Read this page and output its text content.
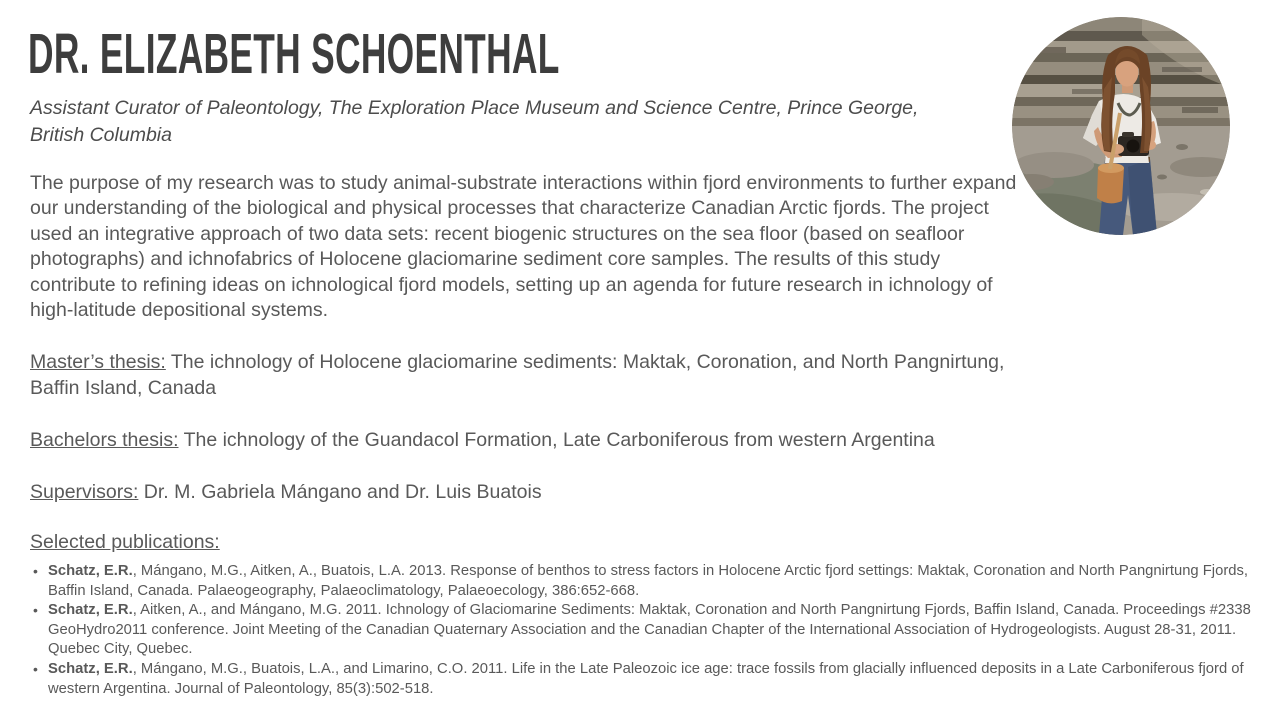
DR. ELIZABETH SCHOENTHAL
Assistant Curator of Paleontology, The Exploration Place Museum and Science Centre, Prince George, British Columbia
The purpose of my research was to study animal-substrate interactions within fjord environments to further expand our understanding of the biological and physical processes that characterize Canadian Arctic fjords. The project used an integrative approach of two data sets: recent biogenic structures on the sea floor (based on seafloor photographs) and ichnofabrics of Holocene glaciomarine sediment core samples. The results of this study contribute to refining ideas on ichnological fjord models, setting up an agenda for future research in ichnology of high-latitude depositional systems.
Master’s thesis: The ichnology of Holocene glaciomarine sediments: Maktak, Coronation, and North Pangnirtung, Baffin Island, Canada
Bachelors thesis: The ichnology of the Guandacol Formation, Late Carboniferous from western Argentina
Supervisors: Dr. M. Gabriela Mángano and Dr. Luis Buatois
Selected publications:
• Schatz, E.R., Mángano, M.G., Aitken, A., Buatois, L.A. 2013. Response of benthos to stress factors in Holocene Arctic fjord settings: Maktak, Coronation and North Pangnirtung Fjords, Baffin Island, Canada. Palaeogeography, Palaeoclimatology, Palaeoecology, 386:652-668.
• Schatz, E.R., Aitken, A., and Mángano, M.G. 2011. Ichnology of Glaciomarine Sediments: Maktak, Coronation and North Pangnirtung Fjords, Baffin Island, Canada. Proceedings #2338 GeoHydro2011 conference. Joint Meeting of the Canadian Quaternary Association and the Canadian Chapter of the International Association of Hydrogeologists. August 28-31, 2011. Quebec City, Quebec.
• Schatz, E.R., Mángano, M.G., Buatois, L.A., and Limarino, C.O. 2011. Life in the Late Paleozoic ice age: trace fossils from glacially influenced deposits in a Late Carboniferous fjord of western Argentina. Journal of Paleontology, 85(3):502-518.
